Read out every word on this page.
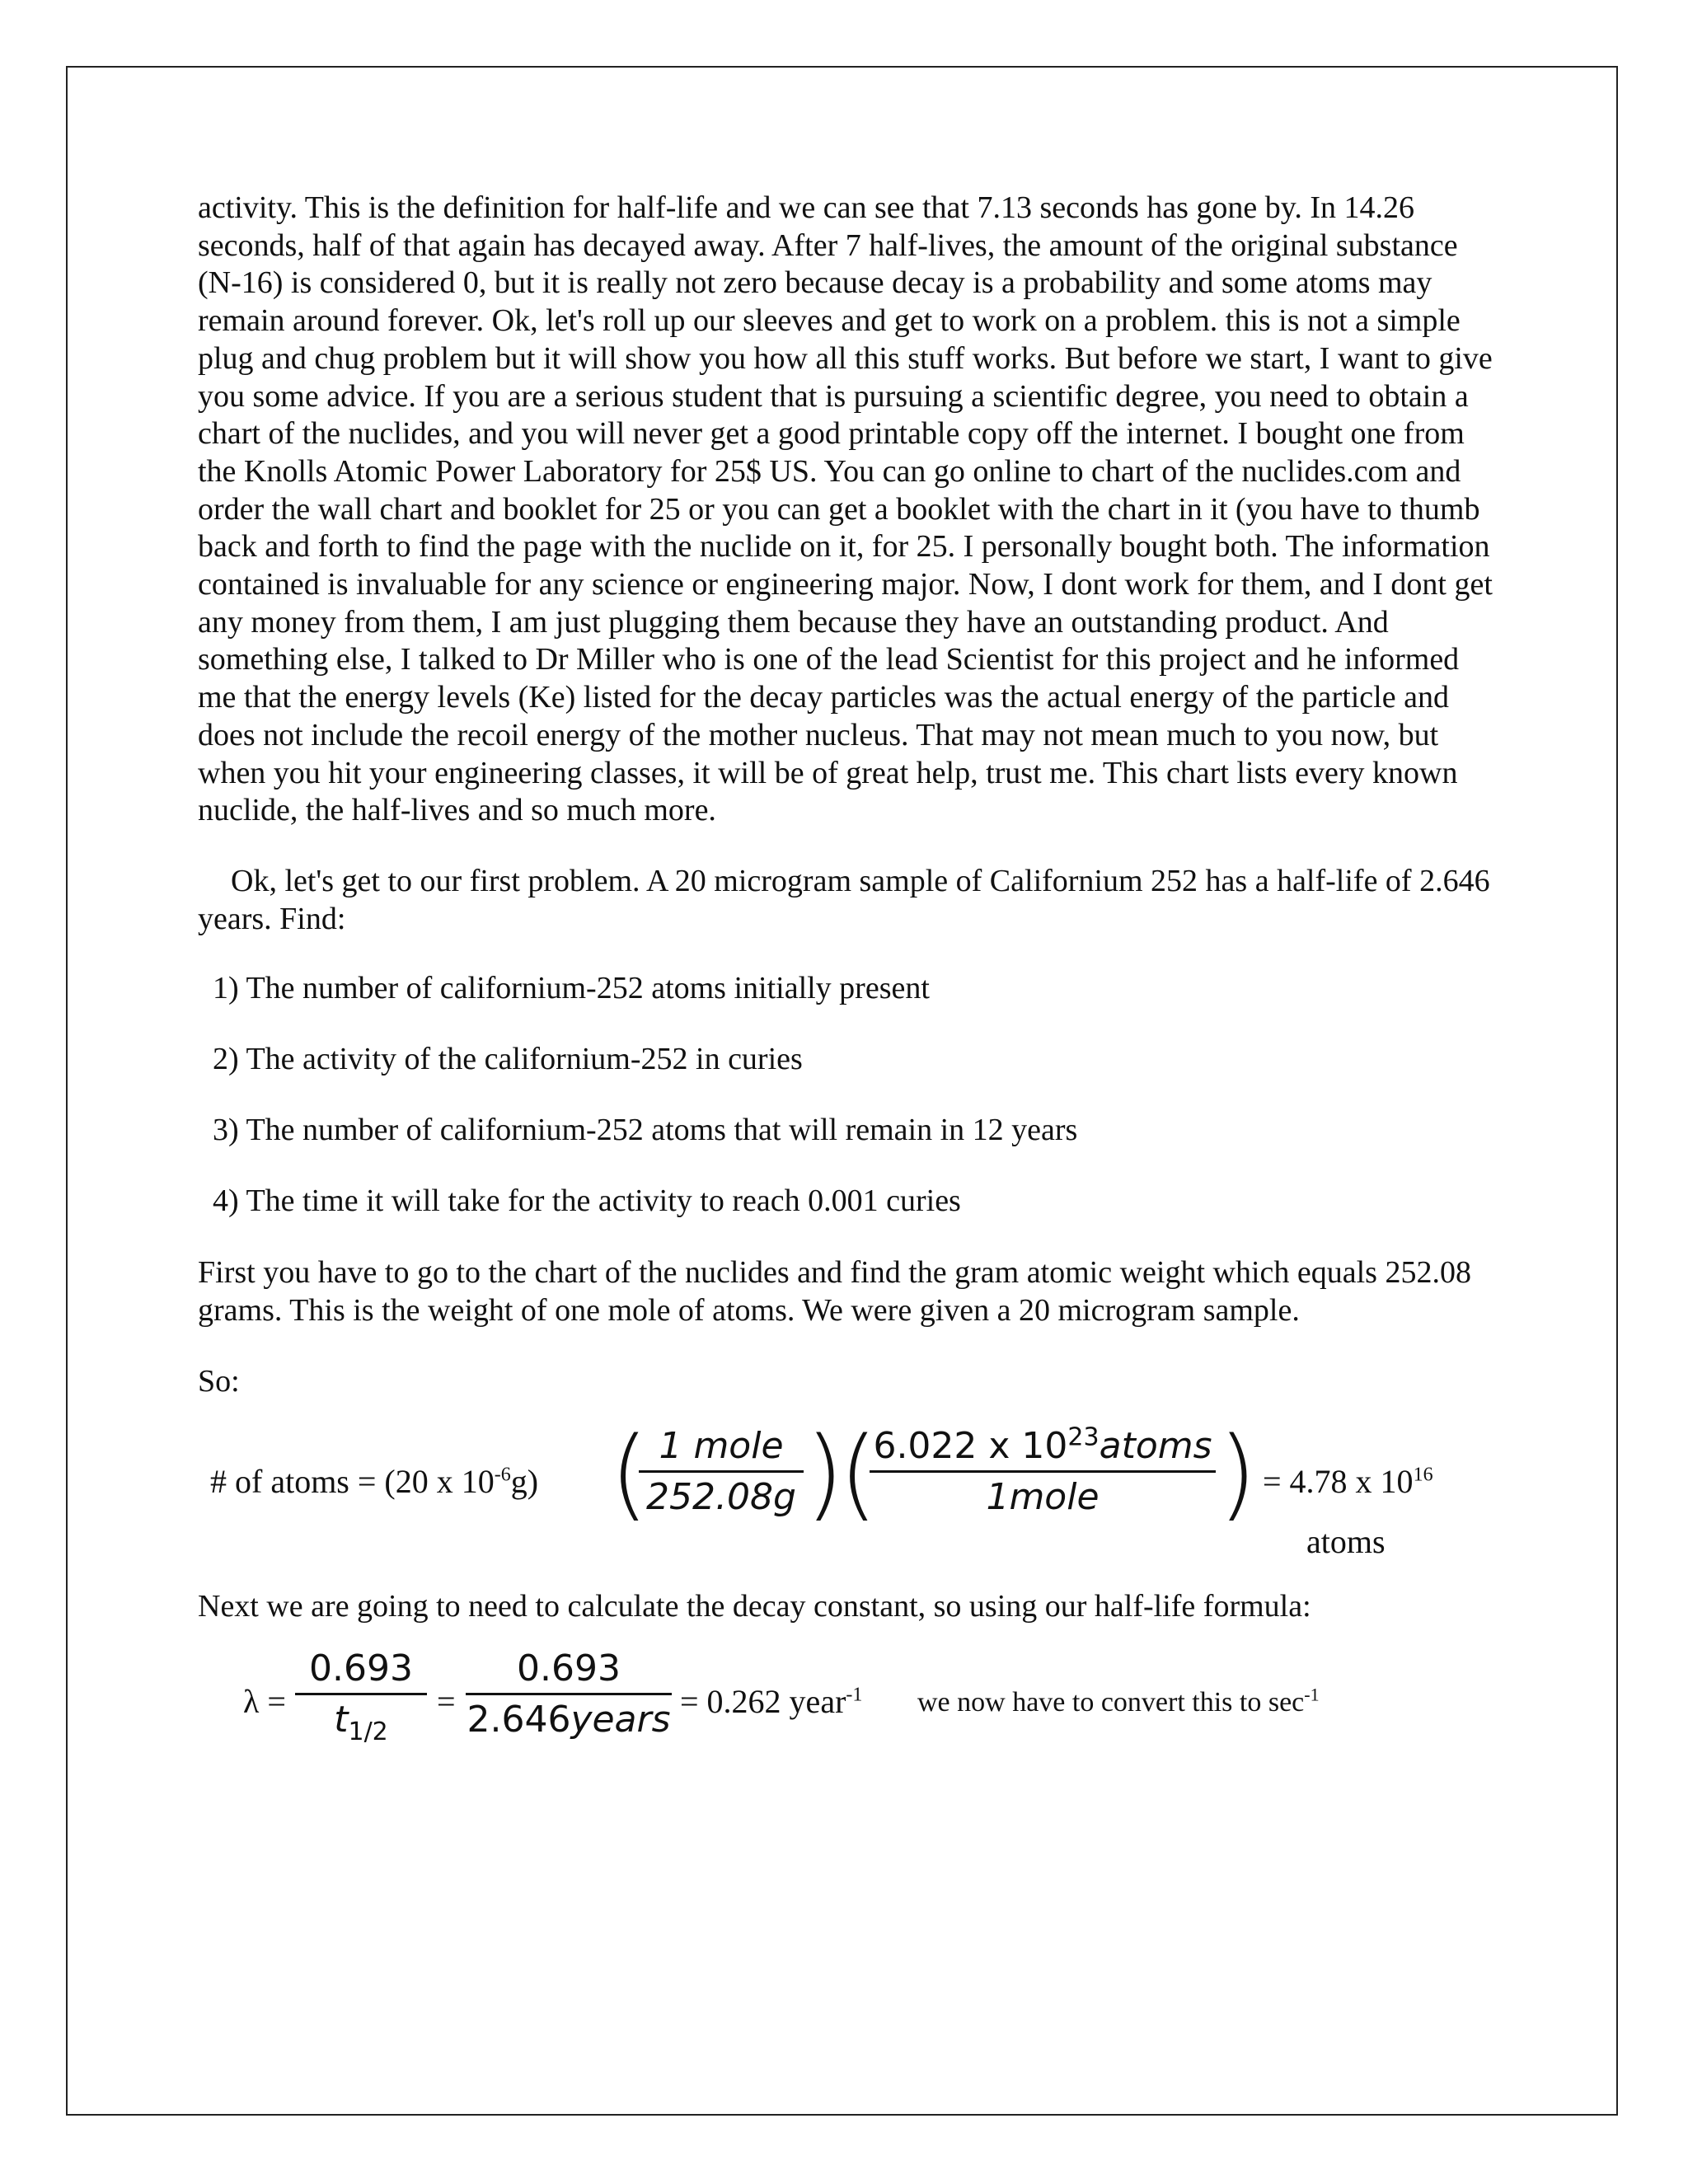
activity. This is the definition for half-life and we can see that 7.13 seconds has gone by. In 14.26 seconds, half of that again has decayed away. After 7 half-lives, the amount of the original substance (N-16) is considered 0, but it is really not zero because decay is a probability and some atoms may remain around forever. Ok, let's roll up our sleeves and get to work on a problem. this is not a simple plug and chug problem but it will show you how all this stuff works. But before we start, I want to give you some advice. If you are a serious student that is pursuing a scientific degree, you need to obtain a chart of the nuclides, and you will never get a good printable copy off the internet. I bought one from the Knolls Atomic Power Laboratory for 25$ US. You can go online to chart of the nuclides.com and order the wall chart and booklet for 25 or you can get a booklet with the chart in it (you have to thumb back and forth to find the page with the nuclide on it, for 25. I personally bought both. The information contained is invaluable for any science or engineering major. Now, I dont work for them, and I dont get any money from them, I am just plugging them because they have an outstanding product. And something else, I talked to Dr Miller who is one of the lead Scientist for this project and he informed me that the energy levels (Ke) listed for the decay particles was the actual energy of the particle and does not include the recoil energy of the mother nucleus. That may not mean much to you now, but when you hit your engineering classes, it will be of great help, trust me. This chart lists every known nuclide, the half-lives and so much more.

Ok, let's get to our first problem. A 20 microgram sample of Californium 252 has a half-life of 2.646 years. Find:

1) The number of californium-252 atoms initially present

2) The activity of the californium-252 in curies

3) The number of californium-252 atoms that will remain in 12 years

4) The time it will take for the activity to reach 0.001 curies

First you have to go to the chart of the nuclides and find the gram atomic weight which equals 252.08 grams. This is the weight of one mole of atoms. We were given a 20 microgram sample.

So:

# of atoms = (20 x $10^{-6}g$) ( 1 mole
252.08g )
(
6.022 x $10^{23}atoms$
1mole	) = 4.78 x $10^{16}$
atoms

Next we are going to need to calculate the decay constant, so using our half-life formula:

λ =
0.693
$t_{1/2}$
=
0.693
2.646years = 0.262 year$^{-1}$ we now have to convert this to $\sec^{-1}$
